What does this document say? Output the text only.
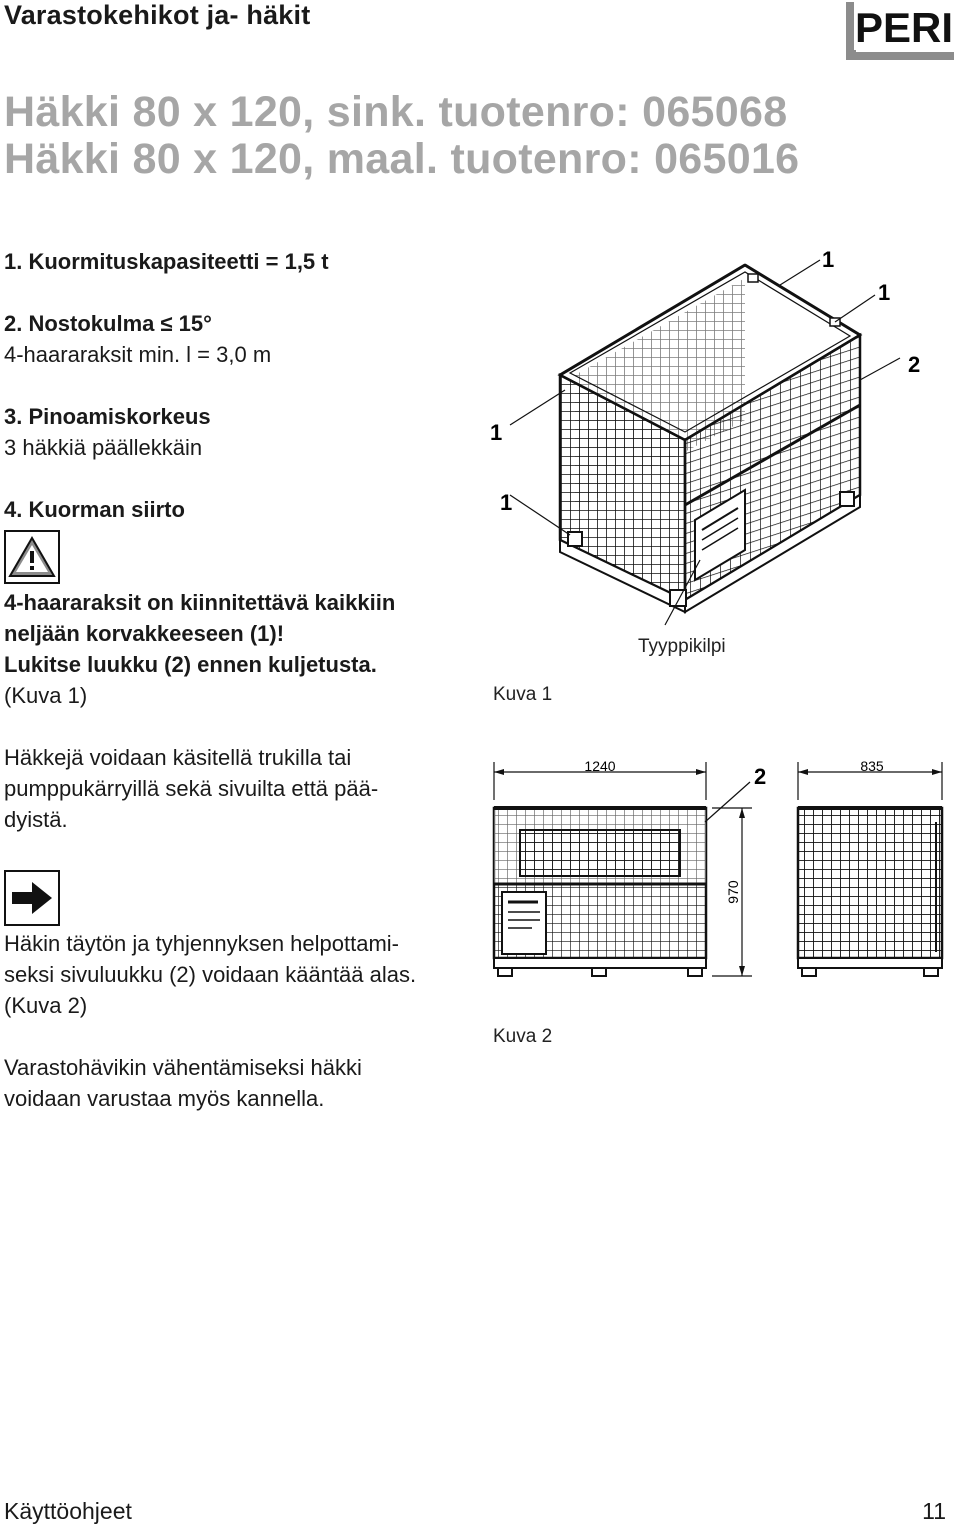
Varastokehikot ja- häkit	PERI
Häkki 80 x 120, sink. tuotenro: 065068
Häkki 80 x 120, maal. tuotenro: 065016
1. Kuormituskapasiteetti = 1,5 t
2. Nostokulma ≤ 15°
4-haararaksit min. l = 3,0 m
3. Pinoamiskorkeus
3 häkkiä päällekkäin
4. Kuorman siirto
4-haararaksit on kiinnitettävä kaikkiin
neljään korvakkeeseen (1)!
Lukitse luukku (2) ennen kuljetusta.
(Kuva 1)
Häkkejä voidaan käsitellä trukilla tai
pumppukärryillä sekä sivuilta että pää-
dyistä.
Häkin täytön ja tyhjennyksen helpottami-
seksi sivuluukku (2) voidaan kääntää alas.
(Kuva 2)
Varastohävikin vähentämiseksi häkki
voidaan varustaa myös kannella.
1
1
2
1
1
Tyyppikilpi
Kuva 1
1240	2
970
835
Kuva 2
Käyttöohjeet	11
